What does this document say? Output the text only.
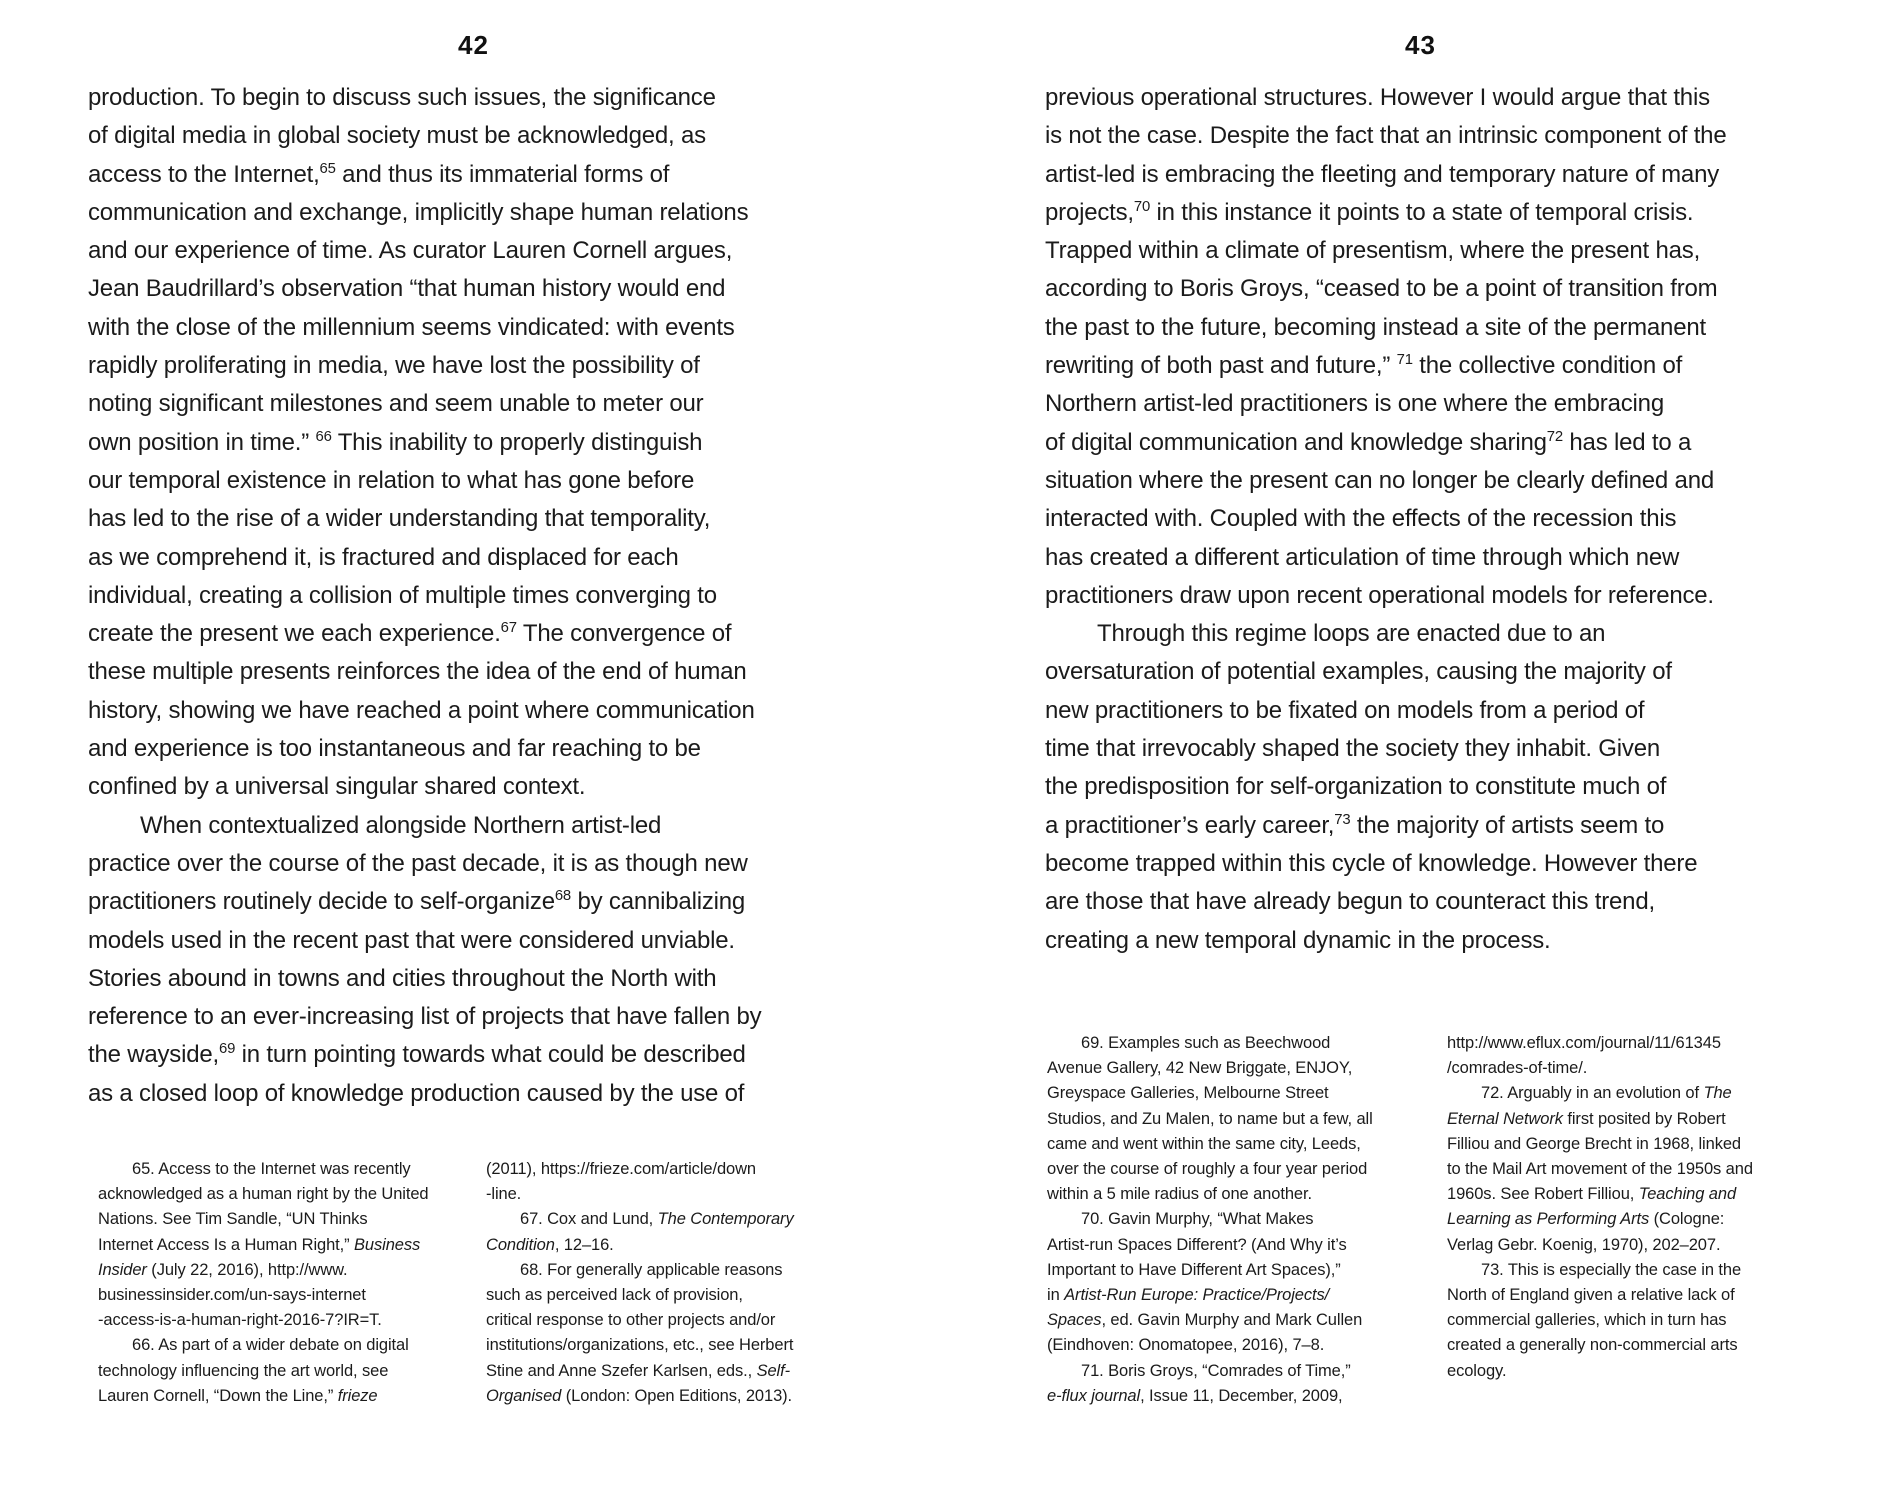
42
production. To begin to discuss such issues, the significance
of digital media in global society must be acknowledged, as
access to the Internet,$^{65}$ and thus its immaterial forms of
communication and exchange, implicitly shape human relations
and our experience of time. As curator Lauren Cornell argues,
Jean Baudrillard’s observation “that human history would end
with the close of the millennium seems vindicated: with events
rapidly proliferating in media, we have lost the possibility of
noting significant milestones and seem unable to meter our
own position in time.” $^{66}$ This inability to properly distinguish
our temporal existence in relation to what has gone before
has led to the rise of a wider understanding that temporality,
as we comprehend it, is fractured and displaced for each
individual, creating a collision of multiple times converging to
create the present we each experience.$^{67}$ The convergence of
these multiple presents reinforces the idea of the end of human
history, showing we have reached a point where communication
and experience is too instantaneous and far reaching to be
confined by a universal singular shared context.
When contextualized alongside Northern artist-led
practice over the course of the past decade, it is as though new
practitioners routinely decide to self-organize$^{68}$ by cannibalizing
models used in the recent past that were considered unviable.
Stories abound in towns and cities throughout the North with
reference to an ever-increasing list of projects that have fallen by
the wayside,$^{69}$ in turn pointing towards what could be described
as a closed loop of knowledge production caused by the use of
65. Access to the Internet was recently
acknowledged as a human right by the United
Nations. See Tim Sandle, “UN Thinks
Internet Access Is a Human Right,” Business
Insider (July 22, 2016), http://www.
businessinsider.com/un-says-internet
-access-is-a-human-right-2016-7?IR=T.
66. As part of a wider debate on digital
technology influencing the art world, see
Lauren Cornell, “Down the Line,” frieze
(2011), https://frieze.com/article/down
-line.
67. Cox and Lund, The Contemporary
Condition, 12–16.
68. For generally applicable reasons
such as perceived lack of provision,
critical response to other projects and/or
institutions/organizations, etc., see Herbert
Stine and Anne Szefer Karlsen, eds., Self-
Organised (London: Open Editions, 2013).
43
previous operational structures. However I would argue that this
is not the case. Despite the fact that an intrinsic component of the
artist-led is embracing the fleeting and temporary nature of many
projects,$^{70}$ in this instance it points to a state of temporal crisis.
Trapped within a climate of presentism, where the present has,
according to Boris Groys, “ceased to be a point of transition from
the past to the future, becoming instead a site of the permanent
rewriting of both past and future,” $^{71}$ the collective condition of
Northern artist-led practitioners is one where the embracing
of digital communication and knowledge sharing$^{72}$ has led to a
situation where the present can no longer be clearly defined and
interacted with. Coupled with the effects of the recession this
has created a different articulation of time through which new
practitioners draw upon recent operational models for reference.
Through this regime loops are enacted due to an
oversaturation of potential examples, causing the majority of
new practitioners to be fixated on models from a period of
time that irrevocably shaped the society they inhabit. Given
the predisposition for self-organization to constitute much of
a practitioner’s early career,$^{73}$ the majority of artists seem to
become trapped within this cycle of knowledge. However there
are those that have already begun to counteract this trend,
creating a new temporal dynamic in the process.
69. Examples such as Beechwood
Avenue Gallery, 42 New Briggate, ENJOY,
Greyspace Galleries, Melbourne Street
Studios, and Zu Malen, to name but a few, all
came and went within the same city, Leeds,
over the course of roughly a four year period
within a 5 mile radius of one another.
70. Gavin Murphy, “What Makes
Artist-run Spaces Different? (And Why it’s
Important to Have Different Art Spaces),”
in Artist-Run Europe: Practice/Projects/
Spaces, ed. Gavin Murphy and Mark Cullen
(Eindhoven: Onomatopee, 2016), 7–8.
71. Boris Groys, “Comrades of Time,”
e-flux journal, Issue 11, December, 2009,
http://www.eflux.com/journal/11/61345
/comrades-of-time/.
72. Arguably in an evolution of The
Eternal Network first posited by Robert
Filliou and George Brecht in 1968, linked
to the Mail Art movement of the 1950s and
1960s. See Robert Filliou, Teaching and
Learning as Performing Arts (Cologne:
Verlag Gebr. Koenig, 1970), 202–207.
73. This is especially the case in the
North of England given a relative lack of
commercial galleries, which in turn has
created a generally non-commercial arts
ecology.
